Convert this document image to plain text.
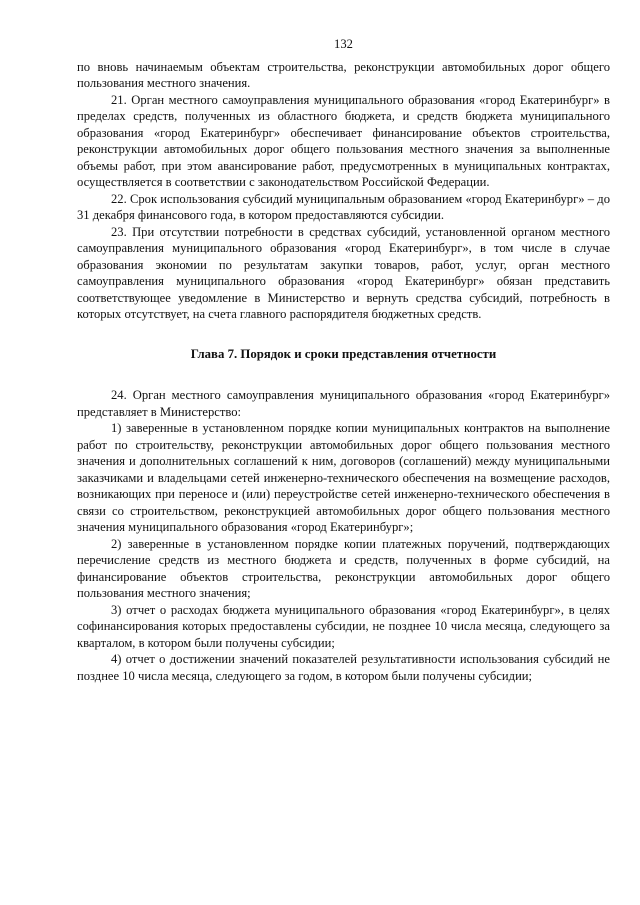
132

по вновь начинаемым объектам строительства, реконструкции автомобильных дорог общего пользования местного значения.

21. Орган местного самоуправления муниципального образования «город Екатеринбург» в пределах средств, полученных из областного бюджета, и средств бюджета муниципального образования «город Екатеринбург» обеспечивает финансирование объектов строительства, реконструкции автомобильных дорог общего пользования местного значения за выполненные объемы работ, при этом авансирование работ, предусмотренных в муниципальных контрактах, осуществляется в соответствии с законодательством Российской Федерации.

22. Срок использования субсидий муниципальным образованием «город Екатеринбург» – до 31 декабря финансового года, в котором предоставляются субсидии.

23. При отсутствии потребности в средствах субсидий, установленной органом местного самоуправления муниципального образования «город Екатеринбург», в том числе в случае образования экономии по результатам закупки товаров, работ, услуг, орган местного самоуправления муниципального образования «город Екатеринбург» обязан представить соответствующее уведомление в Министерство и вернуть средства субсидий, потребность в которых отсутствует, на счета главного распорядителя бюджетных средств.

Глава 7. Порядок и сроки представления отчетности

24. Орган местного самоуправления муниципального образования «город Екатеринбург» представляет в Министерство:

1) заверенные в установленном порядке копии муниципальных контрактов на выполнение работ по строительству, реконструкции автомобильных дорог общего пользования местного значения и дополнительных соглашений к ним, договоров (соглашений) между муниципальными заказчиками и владельцами сетей инженерно-технического обеспечения на возмещение расходов, возникающих при переносе и (или) переустройстве сетей инженерно-технического обеспечения в связи со строительством, реконструкцией автомобильных дорог общего пользования местного значения муниципального образования «город Екатеринбург»;

2) заверенные в установленном порядке копии платежных поручений, подтверждающих перечисление средств из местного бюджета и средств, полученных в форме субсидий, на финансирование объектов строительства, реконструкции автомобильных дорог общего пользования местного значения;

3) отчет о расходах бюджета муниципального образования «город Екатеринбург», в целях софинансирования которых предоставлены субсидии, не позднее 10 числа месяца, следующего за кварталом, в котором были получены субсидии;

4) отчет о достижении значений показателей результативности использования субсидий не позднее 10 числа месяца, следующего за годом, в котором были получены субсидии;
